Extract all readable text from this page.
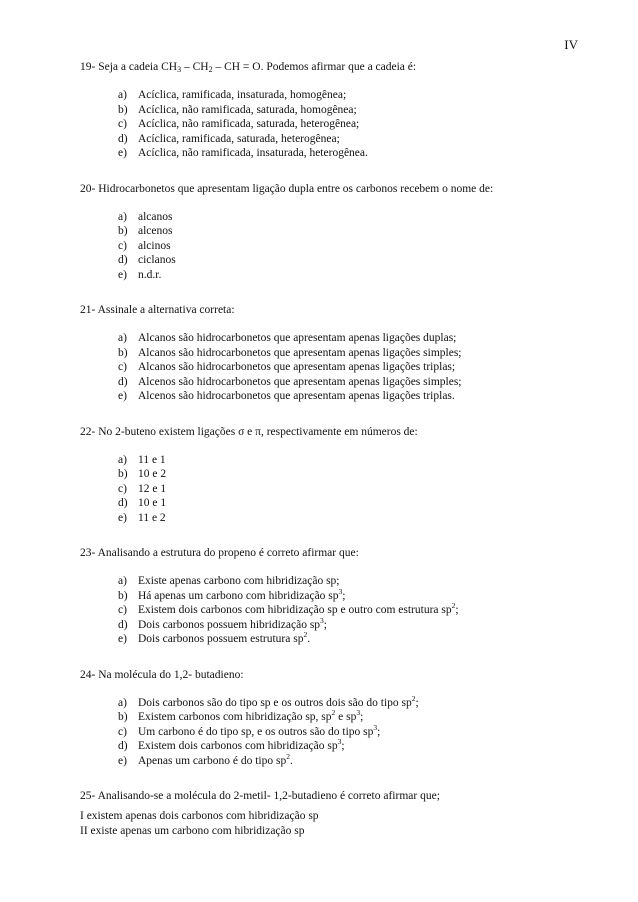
IV
19- Seja a cadeia $CH_3 - CH_2$ – CH = O. Podemos afirmar que a cadeia é:
a) Acíclica, ramificada, insaturada, homogênea;
b) Acíclica, não ramificada, saturada, homogênea;
c) Acíclica, não ramificada, saturada, heterogênea;
d) Acíclica, ramificada, saturada, heterogênea;
e) Acíclica, não ramificada, insaturada, heterogênea.
20- Hidrocarbonetos que apresentam ligação dupla entre os carbonos recebem o nome de:
a) alcanos
b) alcenos
c) alcinos
d) ciclanos
e) n.d.r.
21- Assinale a alternativa correta:
a) Alcanos são hidrocarbonetos que apresentam apenas ligações duplas;
b) Alcanos são hidrocarbonetos que apresentam apenas ligações simples;
c) Alcanos são hidrocarbonetos que apresentam apenas ligações triplas;
d) Alcenos são hidrocarbonetos que apresentam apenas ligações simples;
e) Alcenos são hidrocarbonetos que apresentam apenas ligações triplas.
22- No 2-buteno existem ligações σ e π, respectivamente em números de:
a) 11 e 1
b) 10 e 2
c) 12 e 1
d) 10 e 1
e) 11 e 2
23- Analisando a estrutura do propeno é correto afirmar que:
a) Existe apenas carbono com hibridização sp;
b) Há apenas um carbono com hibridização $sp^3$;
c) Existem dois carbonos com hibridização sp e outro com estrutura $sp^2$;
d) Dois carbonos possuem hibridização $sp^3$;
e) Dois carbonos possuem estrutura $sp^2$.
24- Na molécula do 1,2- butadieno:
a) Dois carbonos são do tipo sp e os outros dois são do tipo $sp^2$;
b) Existem carbonos com hibridização sp, $sp^2$ e $sp^3$;
c) Um carbono é do tipo sp, e os outros são do tipo $sp^3$;
d) Existem dois carbonos com hibridização $sp^3$;
e) Apenas um carbono é do tipo $sp^2$.
25- Analisando-se a molécula do 2-metil- 1,2-butadieno é correto afirmar que;
I existem apenas dois carbonos com hibridização sp
II existe apenas um carbono com hibridização sp
